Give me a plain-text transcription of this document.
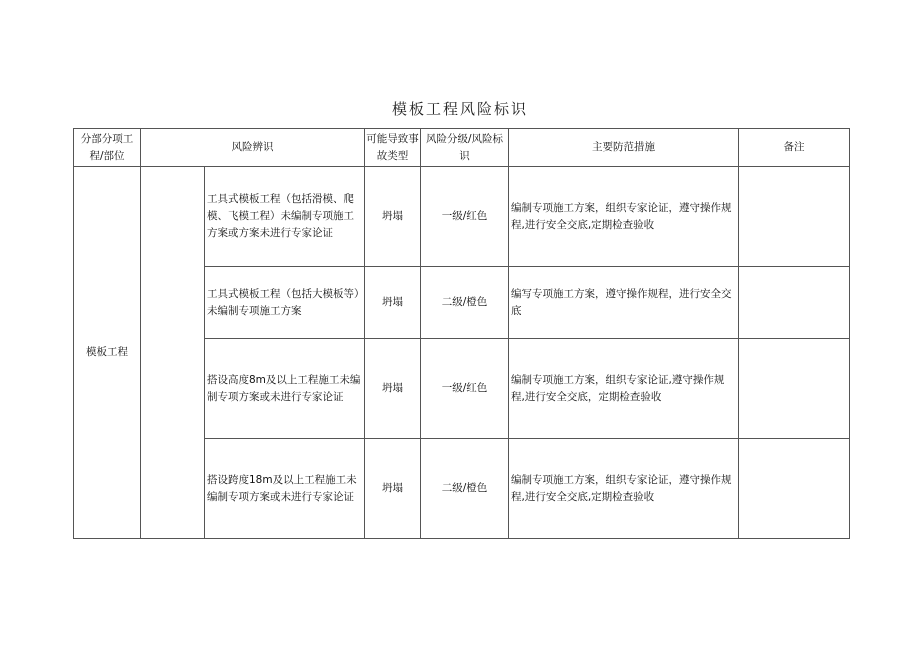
模板工程风险标识
分部分项工程/部位	风险辨识		可能导致事故类型	风险分级/风险标识	主要防范措施	备注
模板工程		工具式模板工程（包括滑模、爬模、飞模工程）未编制专项施工方案或方案未进行专家论证	坍塌	一级/红色	编制专项施工方案，组织专家论证，遵守操作规程,进行安全交底,定期检查验收	
		工具式模板工程（包括大模板等）未编制专项施工方案	坍塌	二级/橙色	编写专项施工方案，遵守操作规程，进行安全交底	
		搭设高度8m及以上工程施工未编制专项方案或未进行专家论证	坍塌	一级/红色	编制专项施工方案，组织专家论证,遵守操作规程,进行安全交底，定期检查验收	
		搭设跨度18m及以上工程施工未编制专项方案或未进行专家论证	坍塌	二级/橙色	编制专项施工方案，组织专家论证，遵守操作规程,进行安全交底,定期检查验收	
